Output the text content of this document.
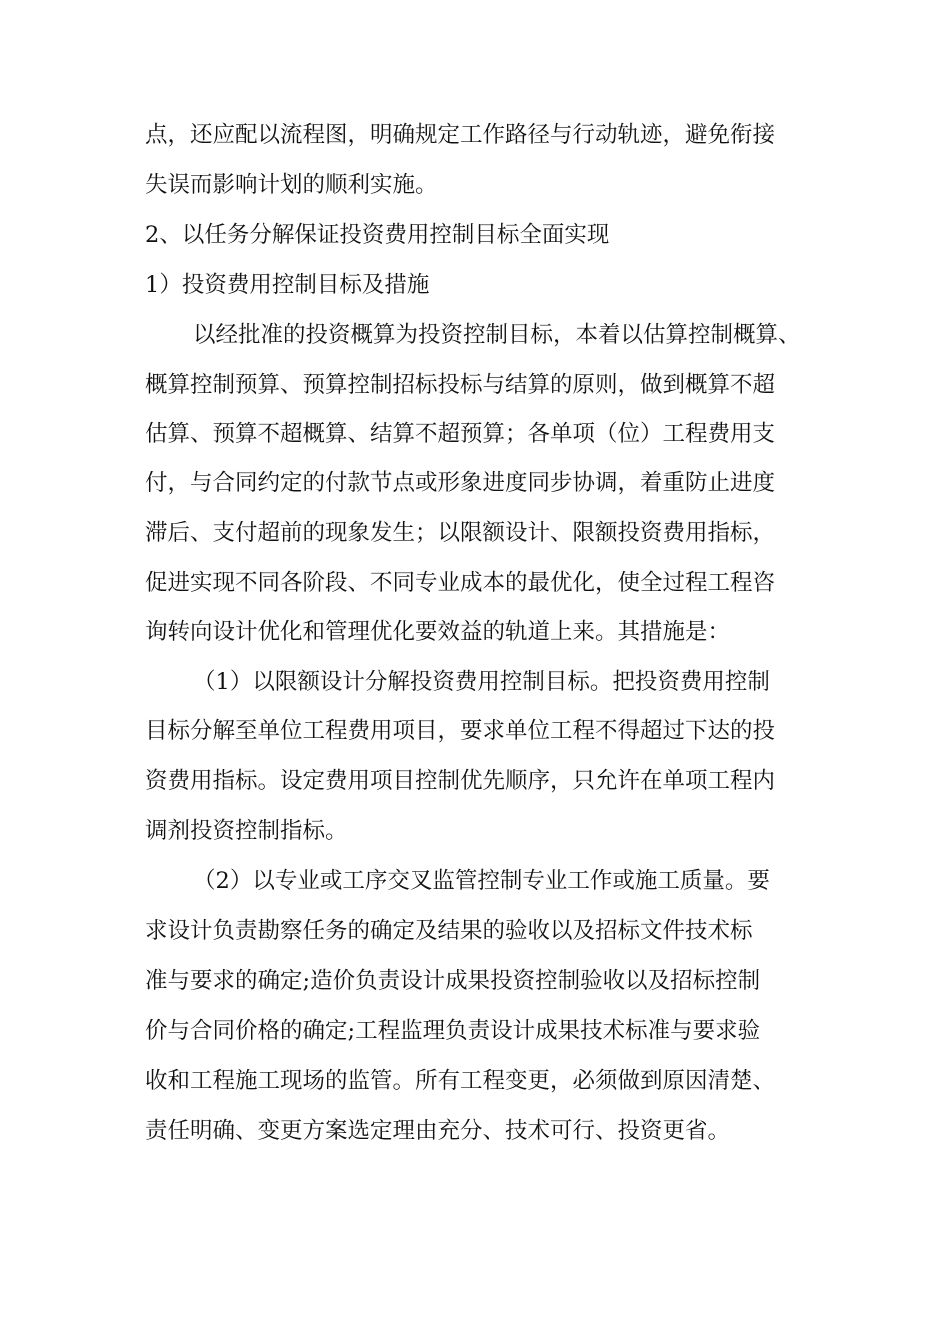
点，还应配以流程图，明确规定工作路径与行动轨迹，避免衔接
失误而影响计划的顺利实施。
2、以任务分解保证投资费用控制目标全面实现
1）投资费用控制目标及措施
以经批准的投资概算为投资控制目标，本着以估算控制概算、
概算控制预算、预算控制招标投标与结算的原则，做到概算不超
估算、预算不超概算、结算不超预算；各单项（位）工程费用支
付，与合同约定的付款节点或形象进度同步协调，着重防止进度
滞后、支付超前的现象发生；以限额设计、限额投资费用指标，
促进实现不同各阶段、不同专业成本的最优化，使全过程工程咨
询转向设计优化和管理优化要效益的轨道上来。其措施是：
（1）以限额设计分解投资费用控制目标。把投资费用控制
目标分解至单位工程费用项目，要求单位工程不得超过下达的投
资费用指标。设定费用项目控制优先顺序，只允许在单项工程内
调剂投资控制指标。
（2）以专业或工序交叉监管控制专业工作或施工质量。要
求设计负责勘察任务的确定及结果的验收以及招标文件技术标
准与要求的确定;造价负责设计成果投资控制验收以及招标控制
价与合同价格的确定;工程监理负责设计成果技术标准与要求验
收和工程施工现场的监管。所有工程变更，必须做到原因清楚、
责任明确、变更方案选定理由充分、技术可行、投资更省。
